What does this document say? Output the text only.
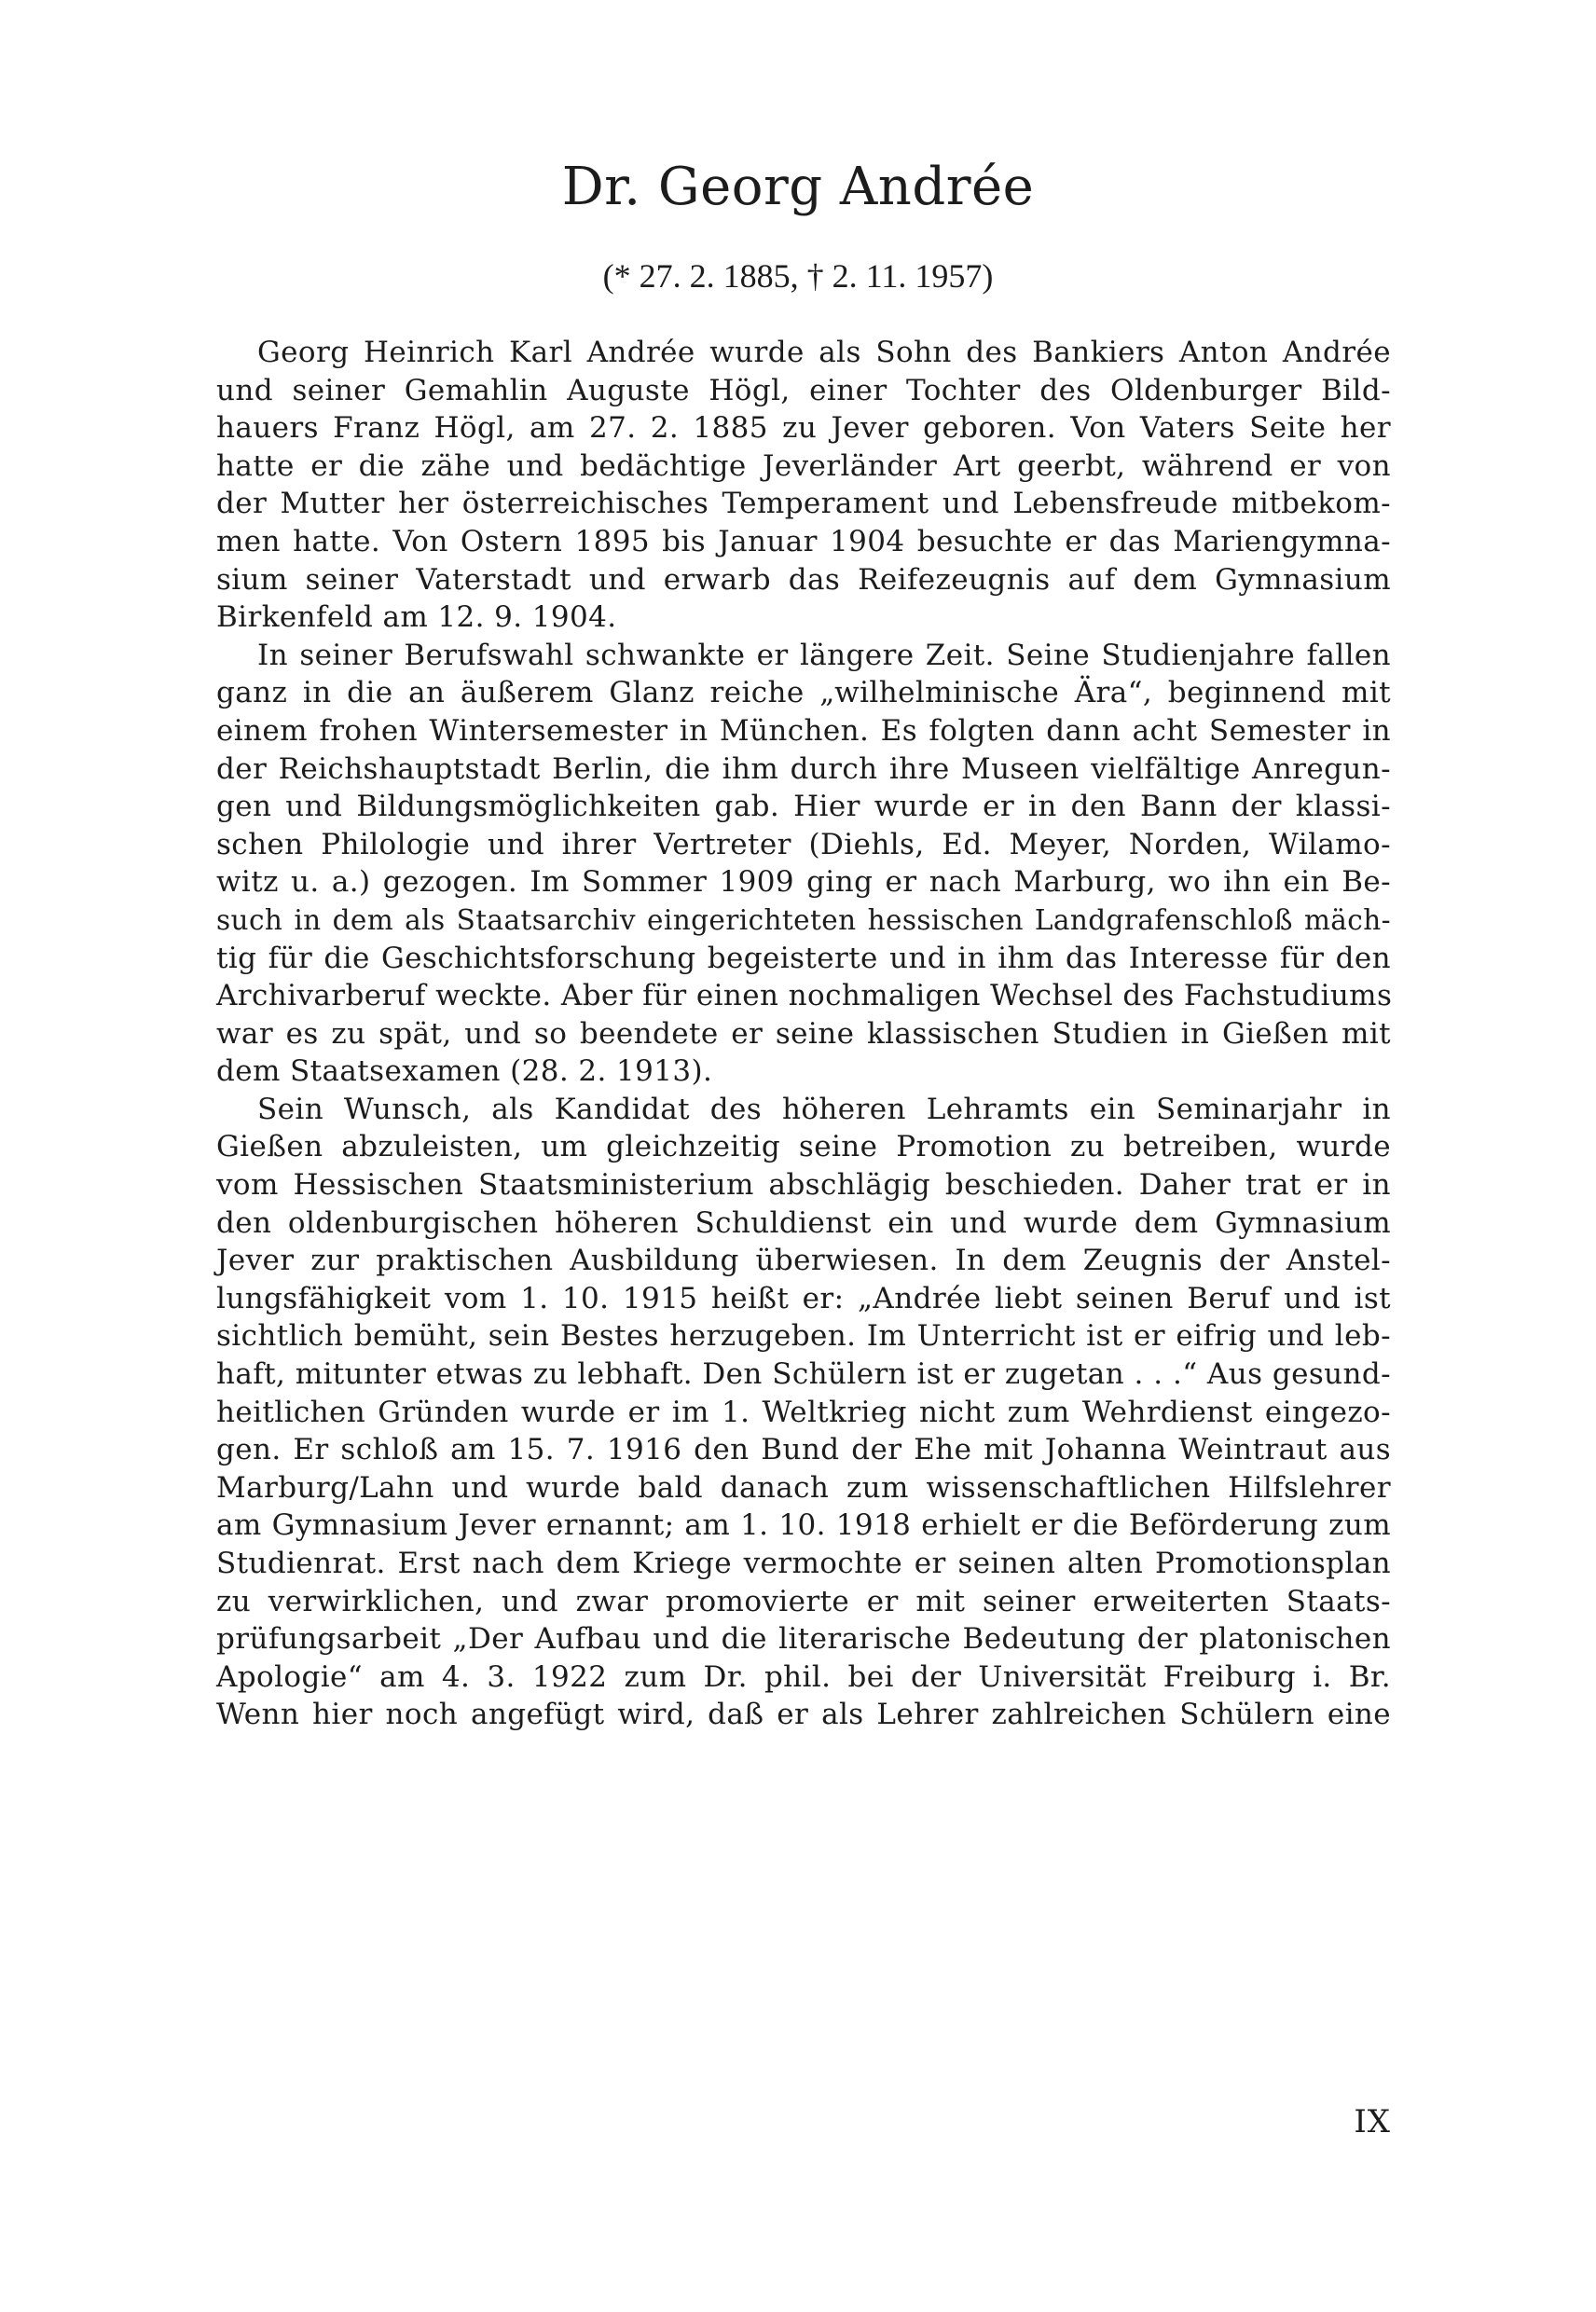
Dr. Georg Andrée
(* 27. 2. 1885, † 2. 11. 1957)
Georg Heinrich Karl Andrée wurde als Sohn des Bankiers Anton Andrée
und seiner Gemahlin Auguste Högl, einer Tochter des Oldenburger Bild-
hauers Franz Högl, am 27. 2. 1885 zu Jever geboren. Von Vaters Seite her
hatte er die zähe und bedächtige Jeverländer Art geerbt, während er von
der Mutter her österreichisches Temperament und Lebensfreude mitbekom-
men hatte. Von Ostern 1895 bis Januar 1904 besuchte er das Mariengymna-
sium seiner Vaterstadt und erwarb das Reifezeugnis auf dem Gymnasium
Birkenfeld am 12. 9. 1904.
In seiner Berufswahl schwankte er längere Zeit. Seine Studienjahre fallen
ganz in die an äußerem Glanz reiche „wilhelminische Ära“, beginnend mit
einem frohen Wintersemester in München. Es folgten dann acht Semester in
der Reichshauptstadt Berlin, die ihm durch ihre Museen vielfältige Anregun-
gen und Bildungsmöglichkeiten gab. Hier wurde er in den Bann der klassi-
schen Philologie und ihrer Vertreter (Diehls, Ed. Meyer, Norden, Wilamo-
witz u. a.) gezogen. Im Sommer 1909 ging er nach Marburg, wo ihn ein Be-
such in dem als Staatsarchiv eingerichteten hessischen Landgrafenschloß mäch-
tig für die Geschichtsforschung begeisterte und in ihm das Interesse für den
Archivarberuf weckte. Aber für einen nochmaligen Wechsel des Fachstudiums
war es zu spät, und so beendete er seine klassischen Studien in Gießen mit
dem Staatsexamen (28. 2. 1913).
Sein Wunsch, als Kandidat des höheren Lehramts ein Seminarjahr in
Gießen abzuleisten, um gleichzeitig seine Promotion zu betreiben, wurde
vom Hessischen Staatsministerium abschlägig beschieden. Daher trat er in
den oldenburgischen höheren Schuldienst ein und wurde dem Gymnasium
Jever zur praktischen Ausbildung überwiesen. In dem Zeugnis der Anstel-
lungsfähigkeit vom 1. 10. 1915 heißt er: „Andrée liebt seinen Beruf und ist
sichtlich bemüht, sein Bestes herzugeben. Im Unterricht ist er eifrig und leb-
haft, mitunter etwas zu lebhaft. Den Schülern ist er zugetan . . .“ Aus gesund-
heitlichen Gründen wurde er im 1. Weltkrieg nicht zum Wehrdienst eingezo-
gen. Er schloß am 15. 7. 1916 den Bund der Ehe mit Johanna Weintraut aus
Marburg/Lahn und wurde bald danach zum wissenschaftlichen Hilfslehrer
am Gymnasium Jever ernannt; am 1. 10. 1918 erhielt er die Beförderung zum
Studienrat. Erst nach dem Kriege vermochte er seinen alten Promotionsplan
zu verwirklichen, und zwar promovierte er mit seiner erweiterten Staats-
prüfungsarbeit „Der Aufbau und die literarische Bedeutung der platonischen
Apologie“ am 4. 3. 1922 zum Dr. phil. bei der Universität Freiburg i. Br.
Wenn hier noch angefügt wird, daß er als Lehrer zahlreichen Schülern eine
IX
